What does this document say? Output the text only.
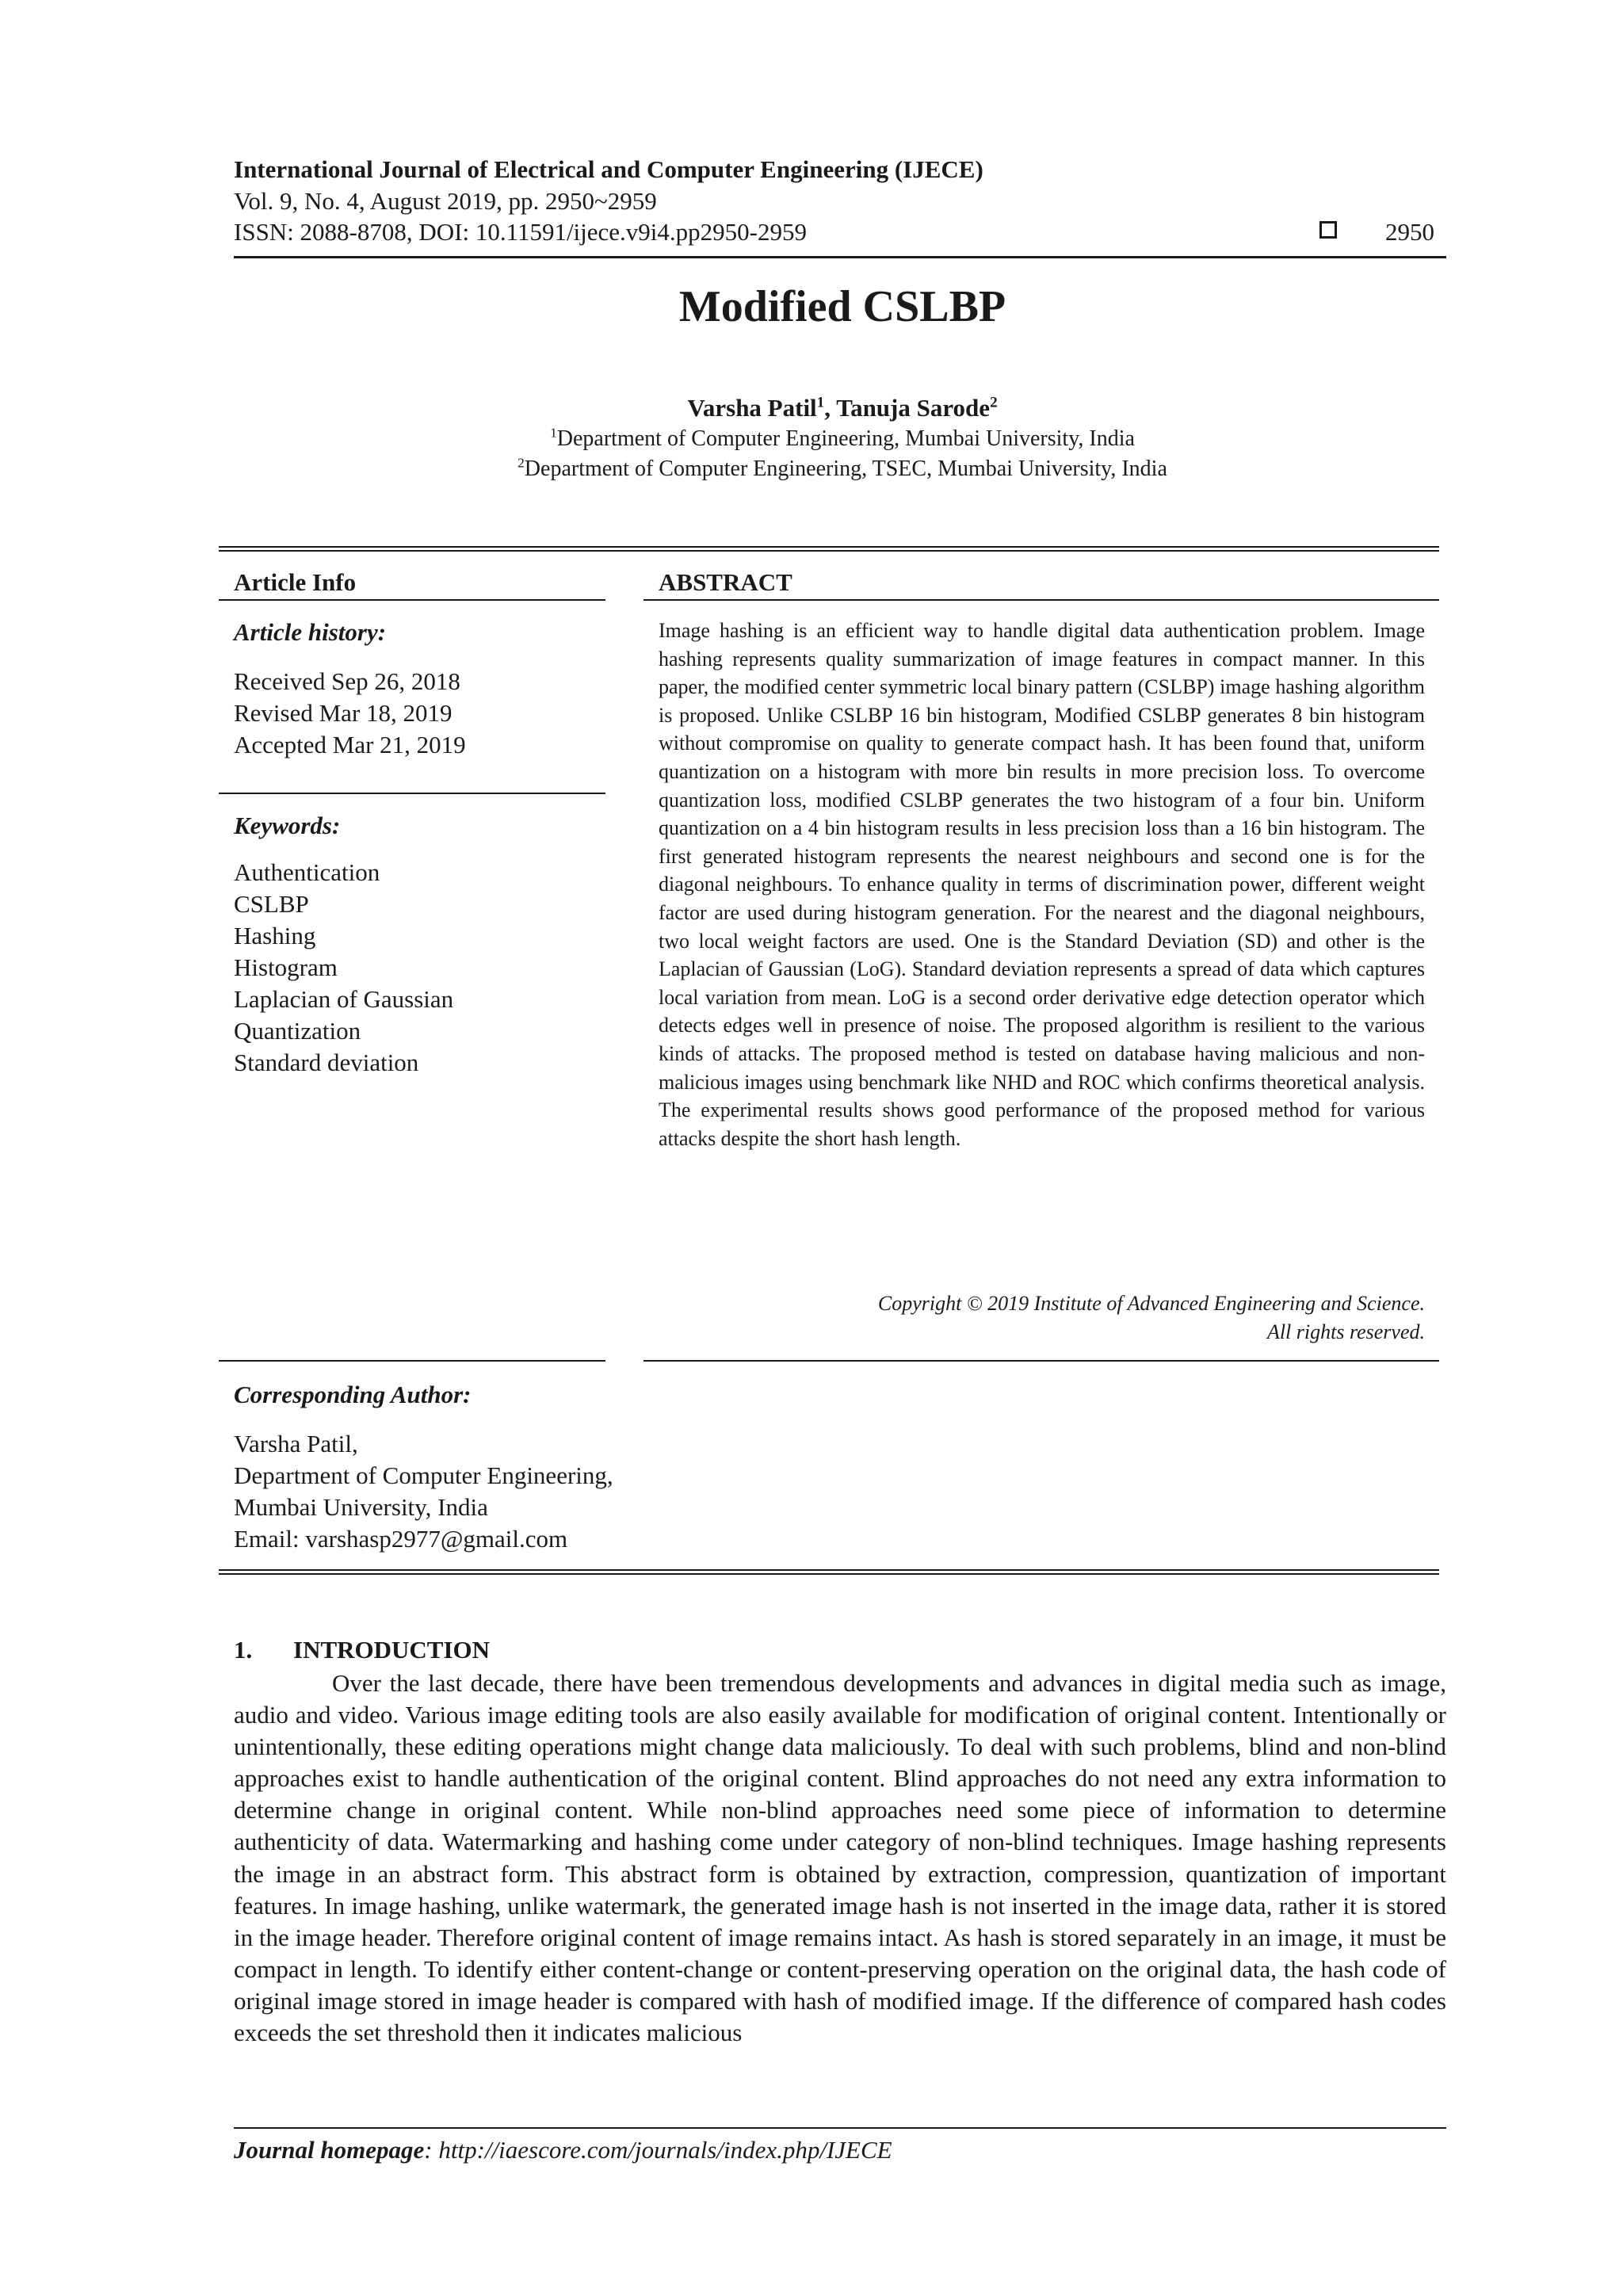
International Journal of Electrical and Computer Engineering (IJECE)
Vol. 9, No. 4, August 2019, pp. 2950~2959
ISSN: 2088-8708, DOI: 10.11591/ijece.v9i4.pp2950-2959	2950
Modified CSLBP
Varsha Patil$^1$, Tanuja Sarode$^2$
$^1$Department of Computer Engineering, Mumbai University, India
$^2$Department of Computer Engineering, TSEC, Mumbai University, India
Article Info
Article history:
Received Sep 26, 2018
Revised Mar 18, 2019
Accepted Mar 21, 2019
Keywords:
Authentication
CSLBP
Hashing
Histogram
Laplacian of Gaussian
Quantization
Standard deviation
Corresponding Author:
Varsha Patil,
Department of Computer Engineering,
Mumbai University, India
Email: varshasp2977@gmail.com
ABSTRACT
Image hashing is an efficient way to handle digital data authentication problem. Image hashing represents quality summarization of image features in compact manner. In this paper, the modified center symmetric local binary pattern (CSLBP) image hashing algorithm is proposed. Unlike CSLBP 16 bin histogram, Modified CSLBP generates 8 bin histogram without compromise on quality to generate compact hash. It has been found that, uniform quantization on a histogram with more bin results in more precision loss. To overcome quantization loss, modified CSLBP generates the two histogram of a four bin. Uniform quantization on a 4 bin histogram results in less precision loss than a 16 bin histogram. The first generated histogram represents the nearest neighbours and second one is for the diagonal neighbours. To enhance quality in terms of discrimination power, different weight factor are used during histogram generation. For the nearest and the diagonal neighbours, two local weight factors are used. One is the Standard Deviation (SD) and other is the Laplacian of Gaussian (LoG). Standard deviation represents a spread of data which captures local variation from mean. LoG is a second order derivative edge detection operator which detects edges well in presence of noise. The proposed algorithm is resilient to the various kinds of attacks. The proposed method is tested on database having malicious and non-malicious images using benchmark like NHD and ROC which confirms theoretical analysis. The experimental results shows good performance of the proposed method for various attacks despite the short hash length.
Copyright © 2019 Institute of Advanced Engineering and Science.
All rights reserved.
1. INTRODUCTION
Over the last decade, there have been tremendous developments and advances in digital media such as image, audio and video. Various image editing tools are also easily available for modification of original content. Intentionally or unintentionally, these editing operations might change data maliciously. To deal with such problems, blind and non-blind approaches exist to handle authentication of the original content. Blind approaches do not need any extra information to determine change in original content. While non-blind approaches need some piece of information to determine authenticity of data. Watermarking and hashing come under category of non-blind techniques. Image hashing represents the image in an abstract form. This abstract form is obtained by extraction, compression, quantization of important features. In image hashing, unlike watermark, the generated image hash is not inserted in the image data, rather it is stored in the image header. Therefore original content of image remains intact. As hash is stored separately in an image, it must be compact in length. To identify either content-change or content-preserving operation on the original data, the hash code of original image stored in image header is compared with hash of modified image. If the difference of compared hash codes exceeds the set threshold then it indicates malicious
Journal homepage: http://iaescore.com/journals/index.php/IJECE
